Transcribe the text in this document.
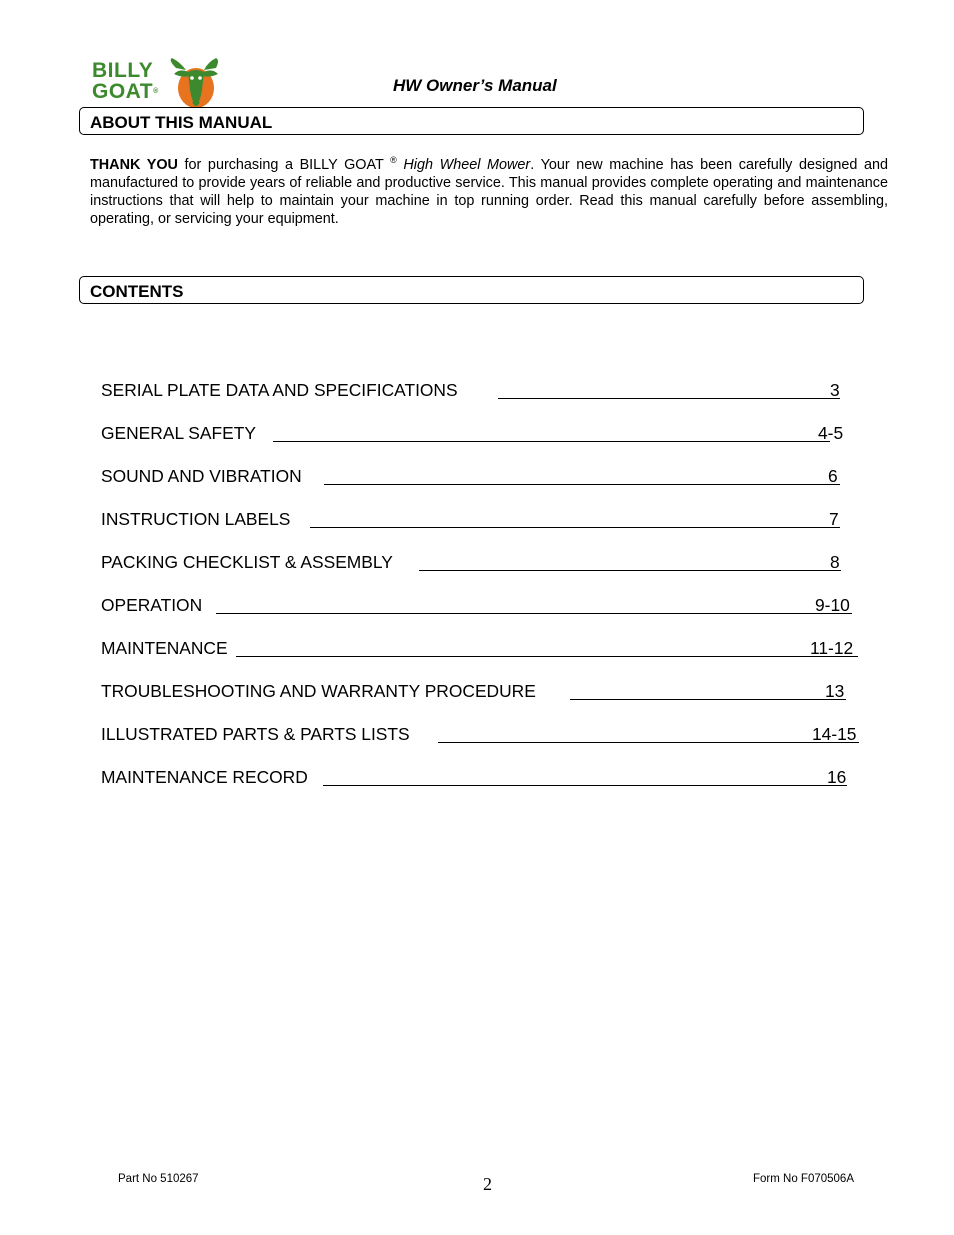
BILLY
GOAT®	HW Owner’s Manual
ABOUT THIS MANUAL
THANK YOU for purchasing a BILLY GOAT ® High Wheel Mower. Your new machine has been carefully designed and manufactured to provide years of reliable and productive service. This manual provides complete operating and maintenance instructions that will help to maintain your machine in top running order. Read this manual carefully before assembling, operating, or servicing your equipment.
CONTENTS
SERIAL PLATE DATA AND SPECIFICATIONS	3
GENERAL SAFETY	4-5
SOUND AND VIBRATION	6
INSTRUCTION LABELS	7
PACKING CHECKLIST & ASSEMBLY	8
OPERATION	9-10
MAINTENANCE	11-12
TROUBLESHOOTING AND WARRANTY PROCEDURE	13
ILLUSTRATED PARTS & PARTS LISTS	14-15
MAINTENANCE RECORD	16
Part No 510267	2	Form No F070506A
